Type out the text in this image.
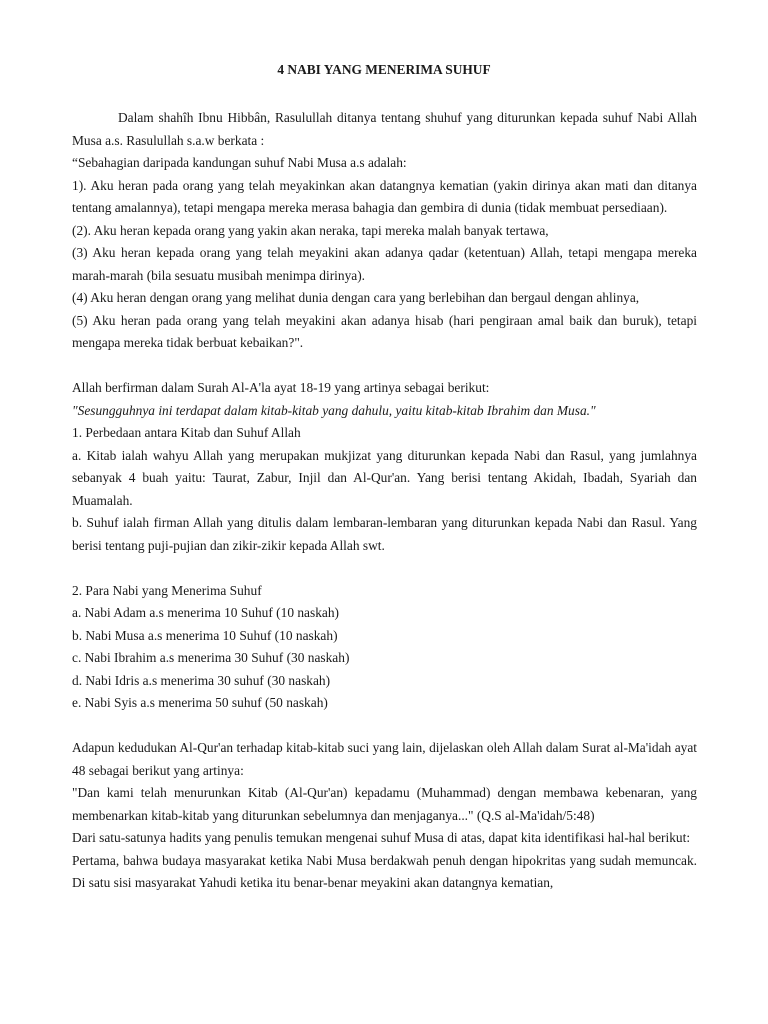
4 NABI YANG MENERIMA SUHUF

Dalam shahîh Ibnu Hibbân, Rasulullah ditanya tentang shuhuf yang diturunkan kepada suhuf Nabi Allah Musa a.s. Rasulullah s.a.w berkata :

“Sebahagian daripada kandungan suhuf Nabi Musa a.s adalah:

1). Aku heran pada orang yang telah meyakinkan akan datangnya kematian (yakin dirinya akan mati dan ditanya tentang amalannya), tetapi mengapa mereka merasa bahagia dan gembira di dunia (tidak membuat persediaan).

(2). Aku heran kepada orang yang yakin akan neraka, tapi mereka malah banyak tertawa,

(3) Aku heran kepada orang yang telah meyakini akan adanya qadar (ketentuan) Allah, tetapi mengapa mereka marah-marah (bila sesuatu musibah menimpa dirinya).

(4) Aku heran dengan orang yang melihat dunia dengan cara yang berlebihan dan bergaul dengan ahlinya,

(5) Aku heran pada orang yang telah meyakini akan adanya hisab (hari pengiraan amal baik dan buruk), tetapi mengapa mereka tidak berbuat kebaikan?".

Allah berfirman dalam Surah Al-A'la ayat 18-19 yang artinya sebagai berikut:

"Sesungguhnya ini terdapat dalam kitab-kitab yang dahulu, yaitu kitab-kitab Ibrahim dan Musa."

1. Perbedaan antara Kitab dan Suhuf Allah

a. Kitab ialah wahyu Allah yang merupakan mukjizat yang diturunkan kepada Nabi dan Rasul, yang jumlahnya sebanyak 4 buah yaitu: Taurat, Zabur, Injil dan Al-Qur'an. Yang berisi tentang Akidah, Ibadah, Syariah dan Muamalah.

b. Suhuf ialah firman Allah yang ditulis dalam lembaran-lembaran yang diturunkan kepada Nabi dan Rasul. Yang berisi tentang puji-pujian dan zikir-zikir kepada Allah swt.

2. Para Nabi yang Menerima Suhuf

a. Nabi Adam a.s menerima 10 Suhuf (10 naskah)

b. Nabi Musa a.s menerima 10 Suhuf (10 naskah)

c. Nabi Ibrahim a.s menerima 30 Suhuf (30 naskah)

d. Nabi Idris a.s menerima 30 suhuf (30 naskah)

e. Nabi Syis a.s menerima 50 suhuf (50 naskah)

Adapun kedudukan Al-Qur'an terhadap kitab-kitab suci yang lain, dijelaskan oleh Allah dalam Surat al-Ma'idah ayat 48 sebagai berikut yang artinya:

"Dan kami telah menurunkan Kitab (Al-Qur'an) kepadamu (Muhammad) dengan membawa kebenaran, yang membenarkan kitab-kitab yang diturunkan sebelumnya dan menjaganya..." (Q.S al-Ma'idah/5:48)

Dari satu-satunya hadits yang penulis temukan mengenai suhuf Musa di atas, dapat kita identifikasi hal-hal berikut:

Pertama, bahwa budaya masyarakat ketika Nabi Musa berdakwah penuh dengan hipokritas yang sudah memuncak. Di satu sisi masyarakat Yahudi ketika itu benar-benar meyakini akan datangnya kematian,
